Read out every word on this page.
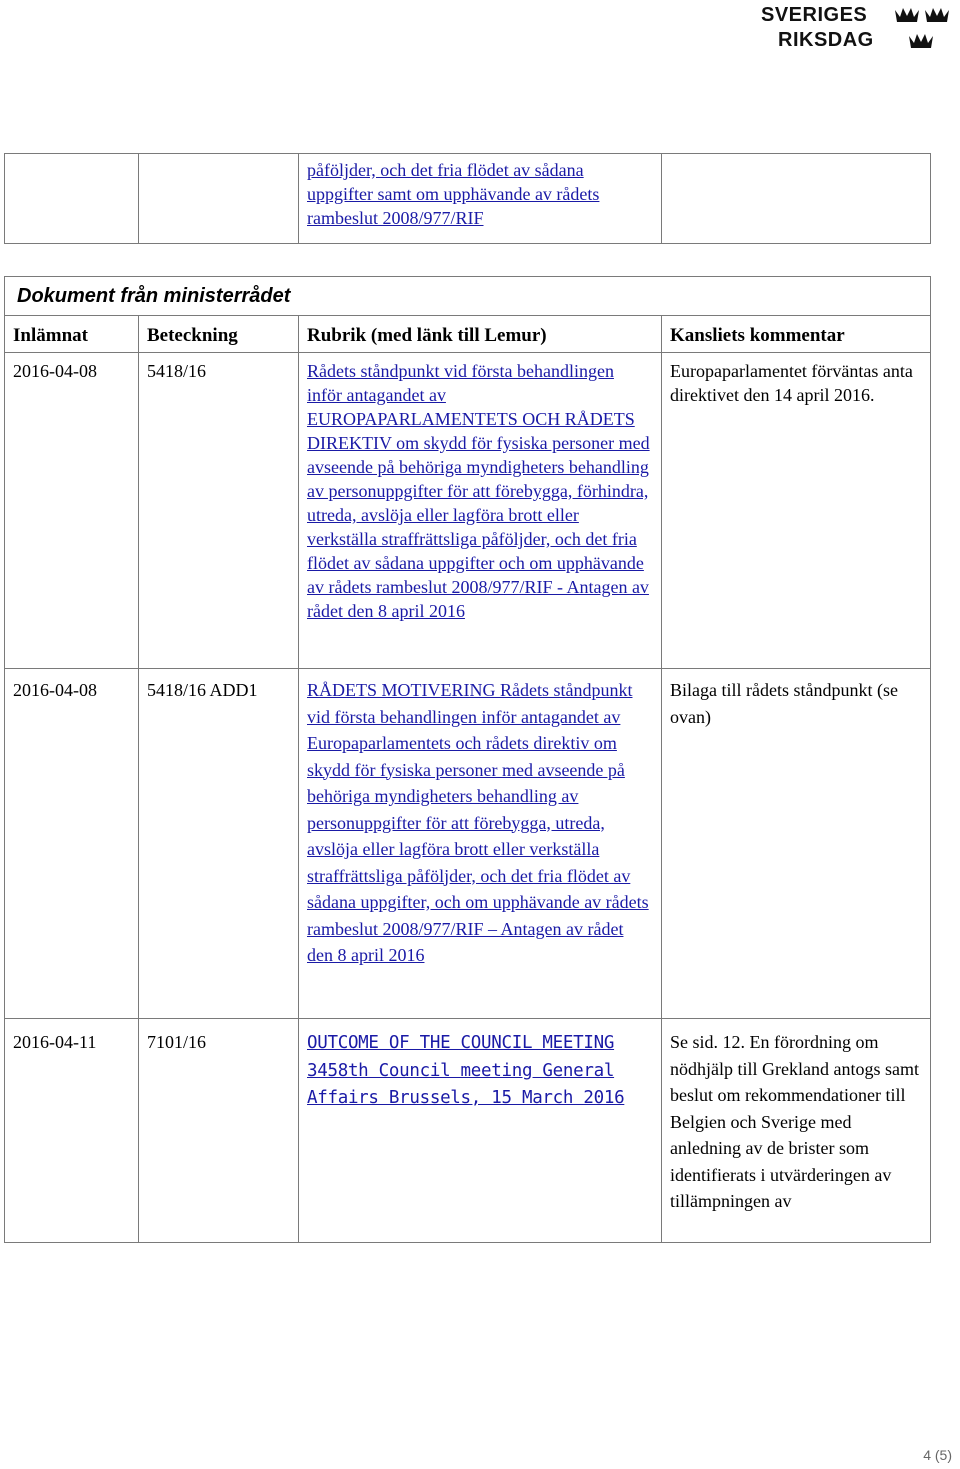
SVERIGES
RIKSDAG
		påföljder, och det fria flödet av sådana uppgifter samt om upphävande av rådets rambeslut 2008/977/RIF	
Dokument från ministerrådet			
Inlämnat	Beteckning	Rubrik (med länk till Lemur)	Kansliets kommentar
2016-04-08	5418/16	Rådets ståndpunkt vid första behandlingen inför antagandet av EUROPAPARLAMENTETS OCH RÅDETS DIREKTIV om skydd för fysiska personer med avseende på behöriga myndigheters behandling av personuppgifter för att förebygga, förhindra, utreda, avslöja eller lagföra brott eller verkställa straffrättsliga påföljder, och det fria flödet av sådana uppgifter och om upphävande av rådets rambeslut 2008/977/RIF - Antagen av rådet den 8 april 2016	Europaparlamentet förväntas anta direktivet den 14 april 2016.
2016-04-08	5418/16 ADD1	RÅDETS MOTIVERING Rådets ståndpunkt vid första behandlingen inför antagandet av Europaparlamentets och rådets direktiv om skydd för fysiska personer med avseende på behöriga myndigheters behandling av personuppgifter för att förebygga, utreda, avslöja eller lagföra brott eller verkställa straffrättsliga påföljder, och det fria flödet av sådana uppgifter, och om upphävande av rådets rambeslut 2008/977/RIF – Antagen av rådet den 8 april 2016	Bilaga till rådets ståndpunkt (se ovan)
2016-04-11	7101/16	OUTCOME OF THE COUNCIL MEETING 3458th Council meeting General Affairs Brussels, 15 March 2016	Se sid. 12. En förordning om nödhjälp till Grekland antogs samt beslut om rekommendationer till Belgien och Sverige med anledning av de brister som identifierats i utvärderingen av tillämpningen av
4 (5)
